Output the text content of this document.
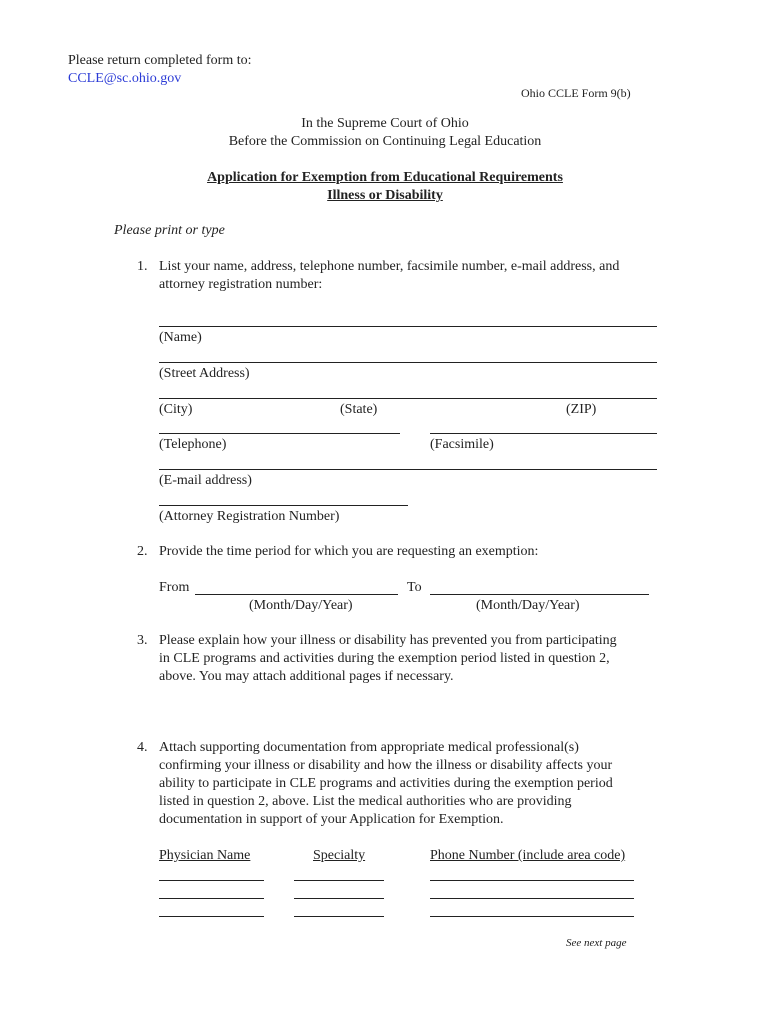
Please return completed form to:
CCLE@sc.ohio.gov
Ohio CCLE Form 9(b)
In the Supreme Court of Ohio
Before the Commission on Continuing Legal Education
Application for Exemption from Educational Requirements
Illness or Disability
Please print or type
1. List your name, address, telephone number, facsimile number, e-mail address, and
attorney registration number:
(Name)
(Street Address)
(City)	(State)	(ZIP)
(Telephone)	(Facsimile)
(E-mail address)
(Attorney Registration Number)
2. Provide the time period for which you are requesting an exemption:
From	To
(Month/Day/Year)	(Month/Day/Year)
3. Please explain how your illness or disability has prevented you from participating
in CLE programs and activities during the exemption period listed in question 2,
above. You may attach additional pages if necessary.
4. Attach supporting documentation from appropriate medical professional(s)
confirming your illness or disability and how the illness or disability affects your
ability to participate in CLE programs and activities during the exemption period
listed in question 2, above. List the medical authorities who are providing
documentation in support of your Application for Exemption.
Physician Name	Specialty	Phone Number (include area code)
See next page
